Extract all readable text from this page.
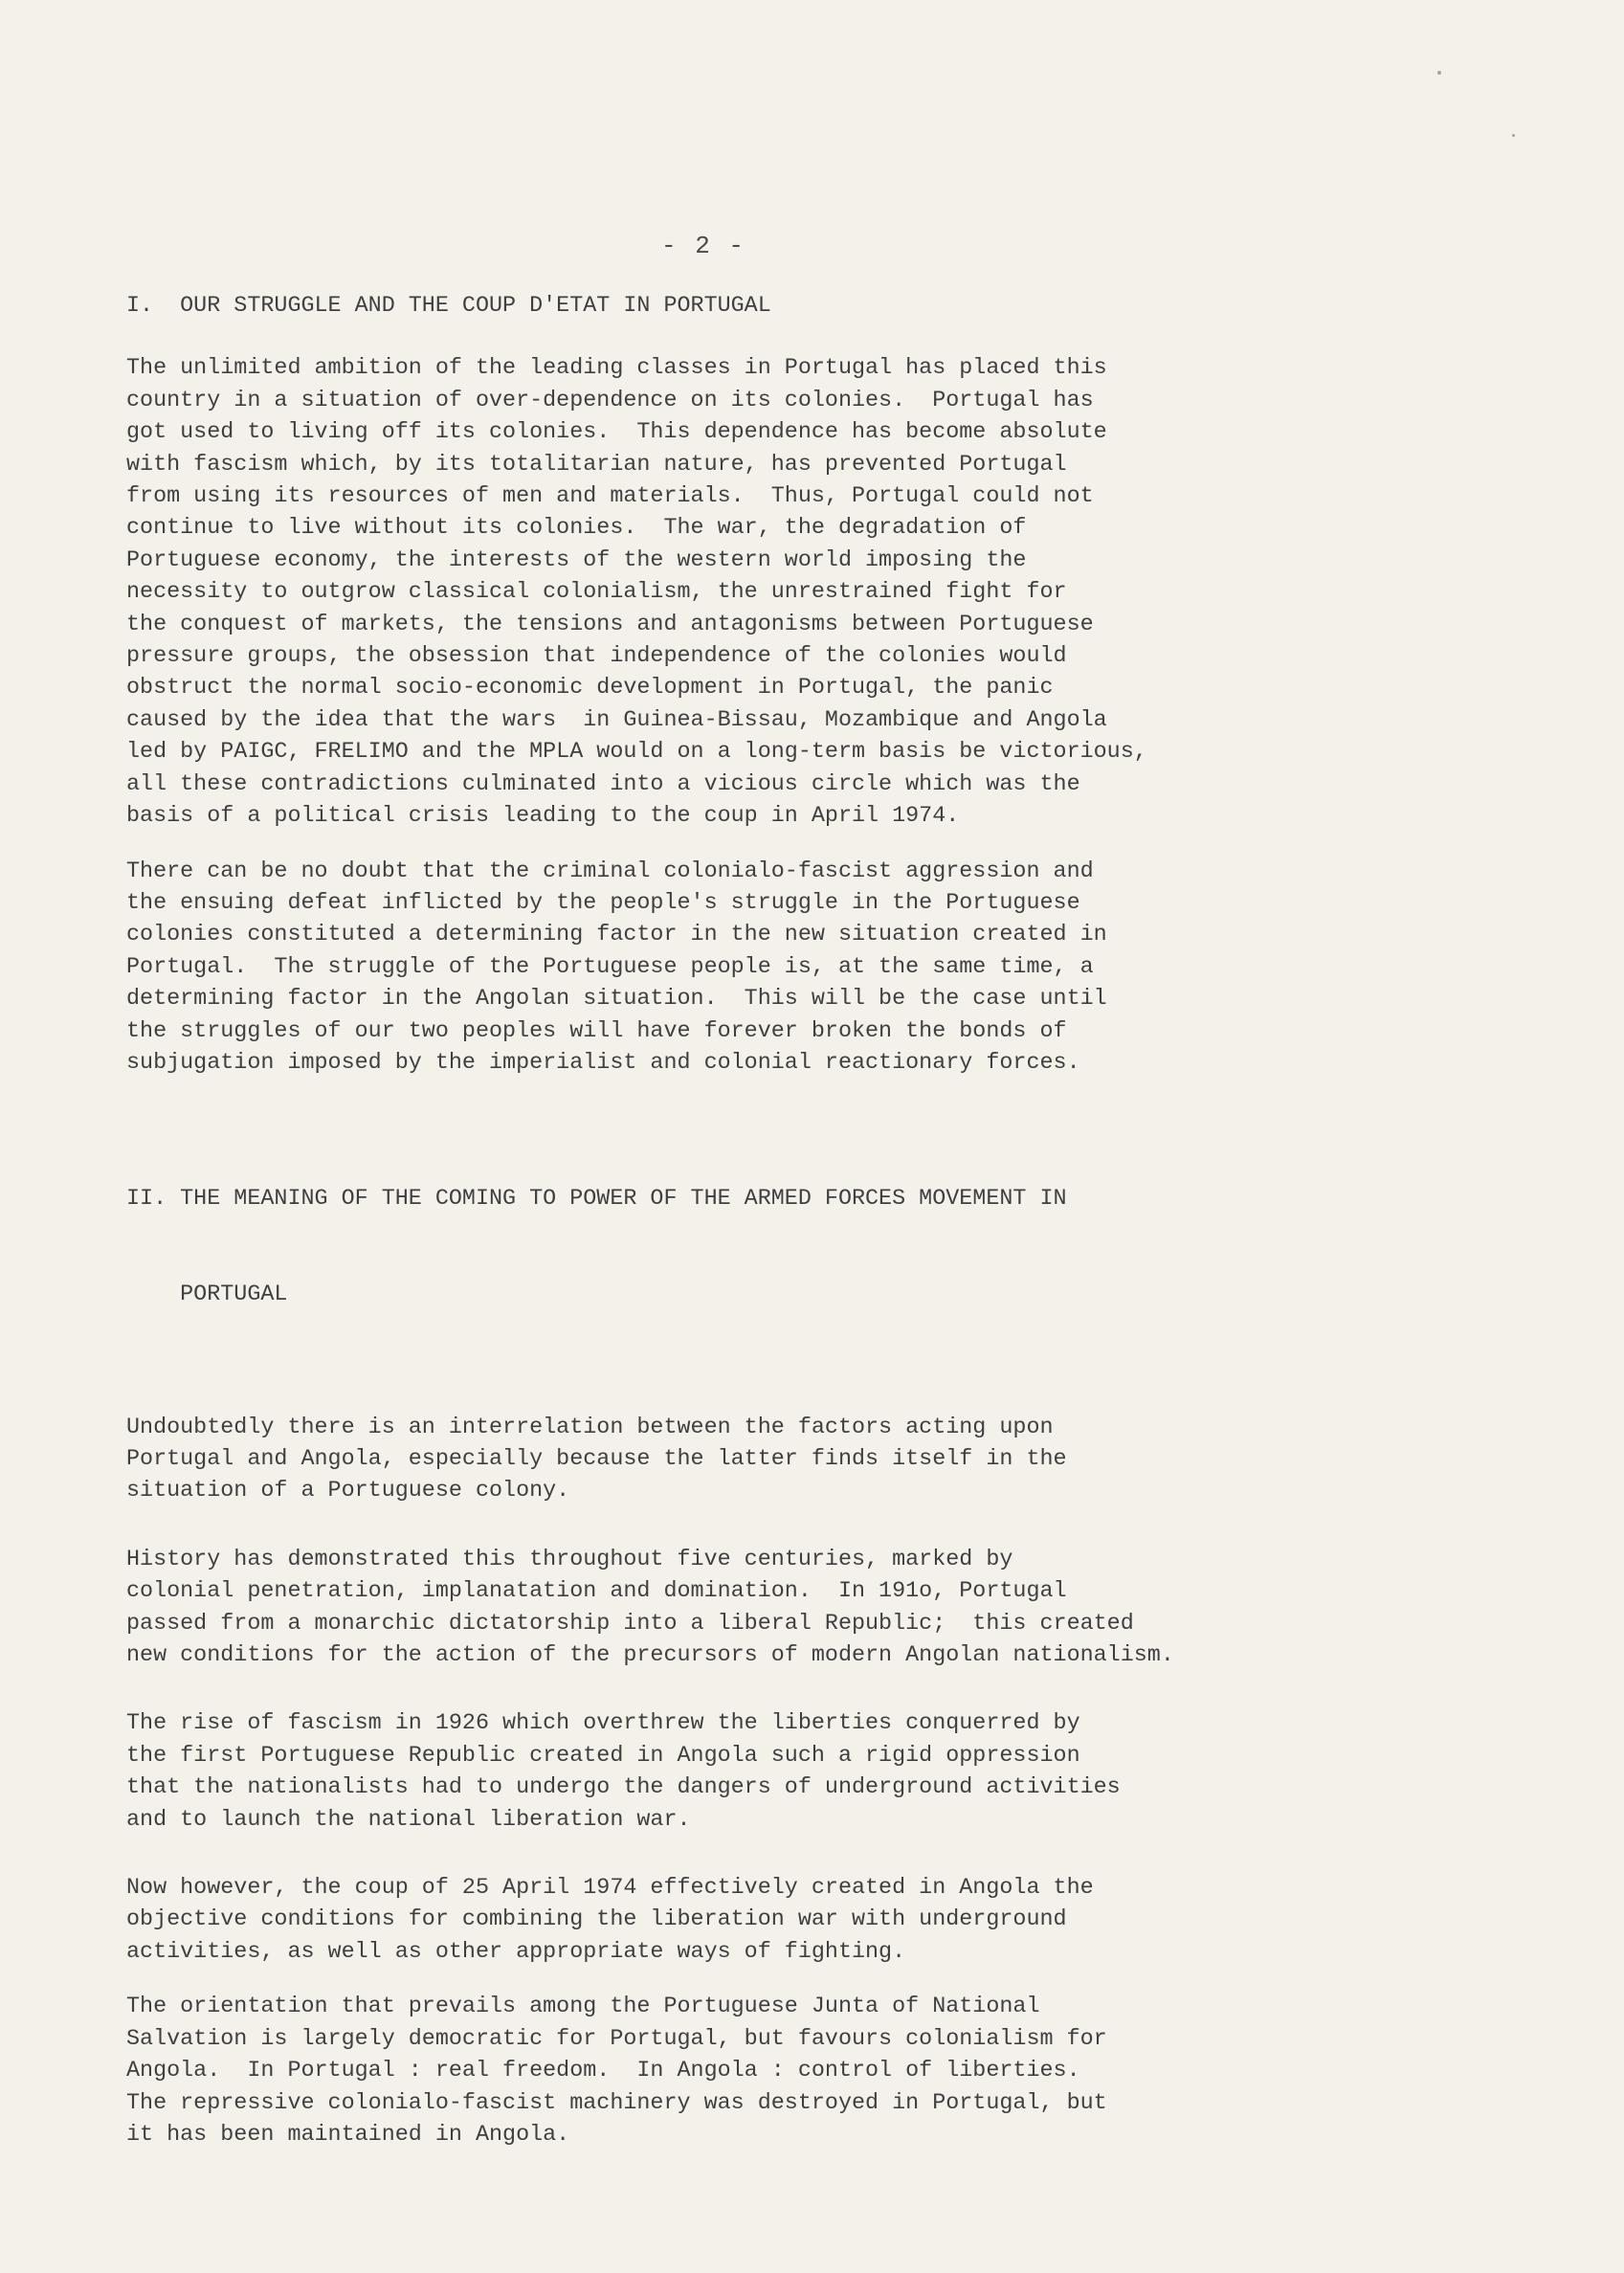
- 2 -
I.  OUR STRUGGLE AND THE COUP D'ETAT IN PORTUGAL

The unlimited ambition of the leading classes in Portugal has placed this
country in a situation of over-dependence on its colonies.  Portugal has
got used to living off its colonies.  This dependence has become absolute
with fascism which, by its totalitarian nature, has prevented Portugal
from using its resources of men and materials.  Thus, Portugal could not
continue to live without its colonies.  The war, the degradation of
Portuguese economy, the interests of the western world imposing the
necessity to outgrow classical colonialism, the unrestrained fight for
the conquest of markets, the tensions and antagonisms between Portuguese
pressure groups, the obsession that independence of the colonies would
obstruct the normal socio-economic development in Portugal, the panic
caused by the idea that the wars  in Guinea-Bissau, Mozambique and Angola
led by PAIGC, FRELIMO and the MPLA would on a long-term basis be victorious,
all these contradictions culminated into a vicious circle which was the
basis of a political crisis leading to the coup in April 1974.

There can be no doubt that the criminal colonialo-fascist aggression and
the ensuing defeat inflicted by the people's struggle in the Portuguese
colonies constituted a determining factor in the new situation created in
Portugal.  The struggle of the Portuguese people is, at the same time, a
determining factor in the Angolan situation.  This will be the case until
the struggles of our two peoples will have forever broken the bonds of
subjugation imposed by the imperialist and colonial reactionary forces.

II. THE MEANING OF THE COMING TO POWER OF THE ARMED FORCES MOVEMENT IN

PORTUGAL

Undoubtedly there is an interrelation between the factors acting upon
Portugal and Angola, especially because the latter finds itself in the
situation of a Portuguese colony.

History has demonstrated this throughout five centuries, marked by
colonial penetration, implanatation and domination.  In 191o, Portugal
passed from a monarchic dictatorship into a liberal Republic;  this created
new conditions for the action of the precursors of modern Angolan nationalism.

The rise of fascism in 1926 which overthrew the liberties conquerred by
the first Portuguese Republic created in Angola such a rigid oppression
that the nationalists had to undergo the dangers of underground activities
and to launch the national liberation war.

Now however, the coup of 25 April 1974 effectively created in Angola the
objective conditions for combining the liberation war with underground
activities, as well as other appropriate ways of fighting.

The orientation that prevails among the Portuguese Junta of National
Salvation is largely democratic for Portugal, but favours colonialism for
Angola.  In Portugal : real freedom.  In Angola : control of liberties.
The repressive colonialo-fascist machinery was destroyed in Portugal, but
it has been maintained in Angola.
